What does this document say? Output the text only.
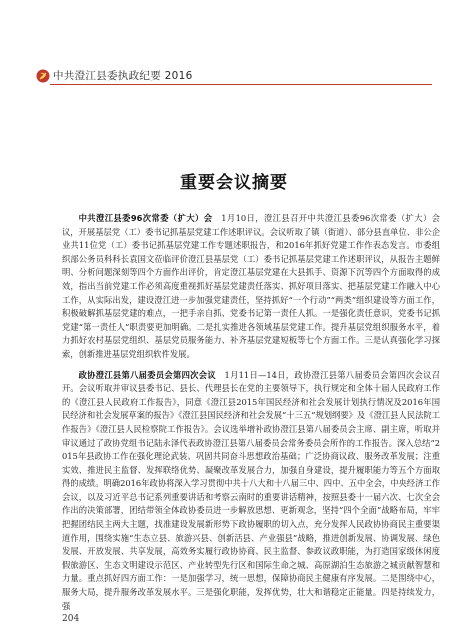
中共澄江县委执政纪要 2016
重要会议摘要

中共澄江县委96次常委（扩大）会　 1月10日，澄江县召开中共澄江县委96次常委（扩大）会议，开展基层党（工）委书记抓基层党建工作述职评议。会议听取了镇（街道）、部分县直单位、非公企业共11位党（工）委书记抓基层党建工作专题述职报告，和2016年抓好党建工作作表态发言。市委组织部公务员科科长袁国文莅临评价澄江县基层党（工）委书记抓基层党建工作述职评议，从报告主题鲜明、分析问题深刻等四个方面作出评价，肯定澄江基层党建在大县抓手、资源下沉等四个方面取得的成效，指出当前党建工作必须高度重视抓好基层党建责任落实、抓好项目落实、把基层党建工作融入中心工作，从实际出发，建设澄江进一步加强党建责任，坚持抓好“一个行动”“两类”组织建设等方面工作，积极破解抓基层党建的难点，一把手亲自抓、党委书记第一责任人抓。一是强化责任意识，党委书记抓党建“第一责任人”职责要更加明确。二是扎实推进各领域基层党建工作。提升基层党组织服务水平，着力抓好农村基层党组织、基层党员服务能力、补齐基层党建短板等七个方面工作。三是认真强化学习探索，创新推进基层党组织软件发展。

政协澄江县第八届委员会第四次会议　 1月11日—14日，政协澄江县第八届委员会第四次会议召开。会议听取并审议县委书记、县长、代理县长在党的主要领导下，执行规定和全体十届人民政府工作的《澄江县人民政府工作报告》，同意《澄江县2015年国民经济和社会发展计划执行情况及2016年国民经济和社会发展草案的报告》《澄江县国民经济和社会发展“十三五”规划纲要》及《澄江县人民法院工作报告》《澄江县人民检察院工作报告》。会议选举增补政协澄江县第八届委员会主席、副主席，听取并审议通过了政协党组书记陆永泽代表政协澄江县第八届委员会常务委员会所作的工作报告。深入总结“2015年县政协工作在强化理论武装、巩固共同奋斗思想政治基础；广泛协商议政、服务改革发展；注重实效、推进民主监督、发挥联络优势、凝聚改革发展合力，加强自身建设，提升履职能力等五个方面取得的成绩。明确2016年政协将深入学习贯彻中共十八大和十八届三中、四中、五中全会，中央经济工作会议，以及习近平总书记系列重要讲话和考察云南时的重要讲话精神，按照县委十一届六次、七次全会作出的决策部署，团结带领全体政协委员进一步解放思想、更新观念，坚持“四个全面”战略布局，牢牢把握团结民主两大主题，找准建设发展新形势下政协履职的切入点，充分发挥人民政协协商民主重要渠道作用，围绕实施“生态立县、旅游兴县、创新活县、产业强县”战略，推进创新发展、协调发展、绿色发展、开放发展、共享发展，高效务实履行政协协商、民主监督、参政议政职能，为打造国家级休闲度假旅游区、生态文明建设示范区、产业转型先行区和国际生命之城、高原湖泊生态旅游之城贡献智慧和力量。重点抓好四方面工作：一是加强学习，统一思想，保障协商民主健康有序发展。二是围绕中心，服务大局，提升服务改革发展水平。三是强化职能，发挥优势，壮大和谐稳定正能量。四是持续发力，强

204
